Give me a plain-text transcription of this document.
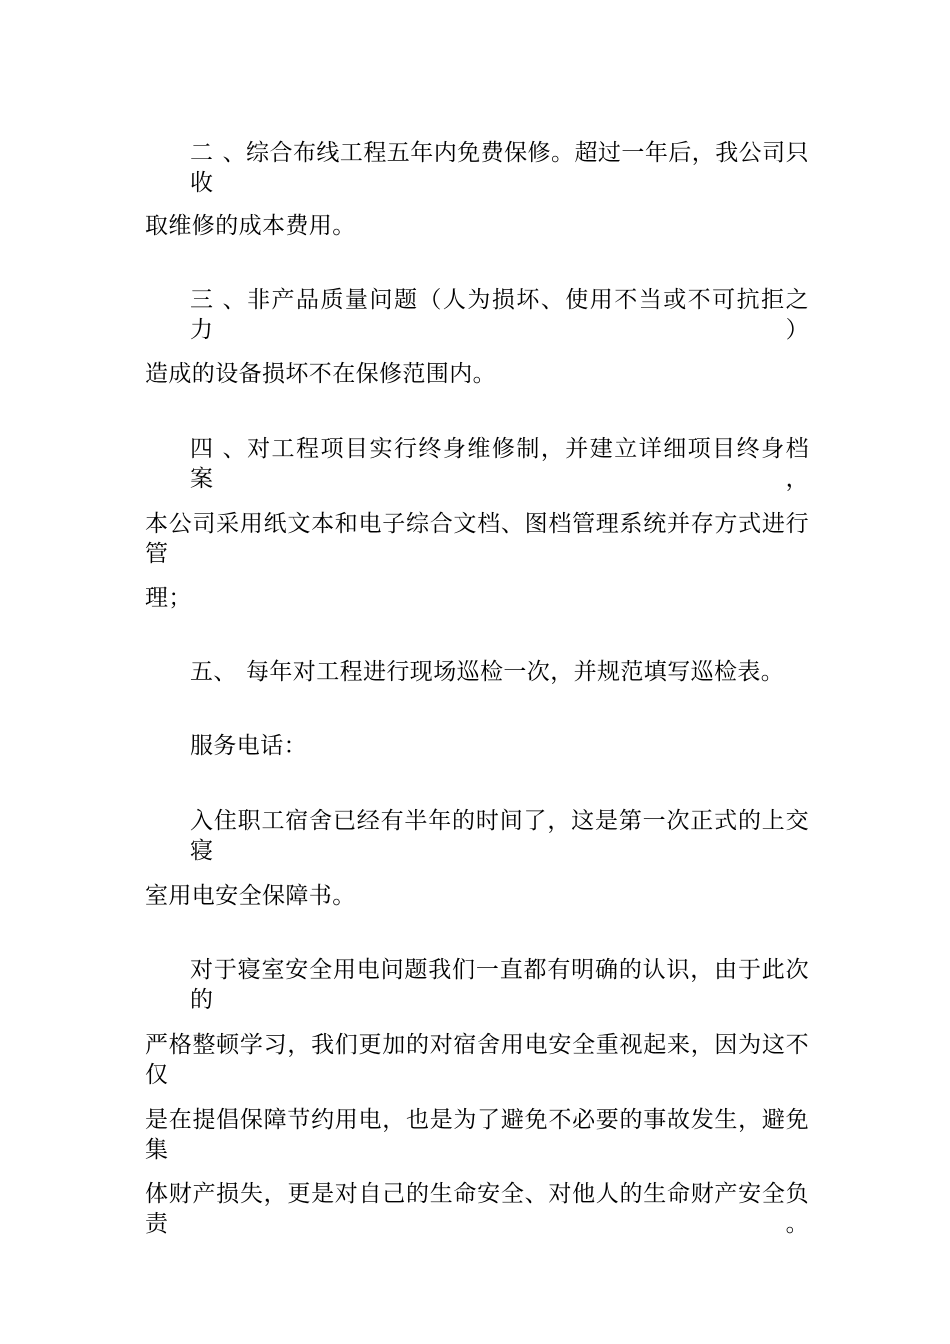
二、综合布线工程五年内免费保修。超过一年后，我公司只收
取维修的成本费用。
三、非产品质量问题（人为损坏、使用不当或不可抗拒之力）
造成的设备损坏不在保修范围内。
四、对工程项目实行终身维修制，并建立详细项目终身档案，
本公司采用纸文本和电子综合文档、图档管理系统并存方式进行管
理；
五、 每年对工程进行现场巡检一次，并规范填写巡检表。
服务电话：
入住职工宿舍已经有半年的时间了，这是第一次正式的上交寝
室用电安全保障书。
对于寝室安全用电问题我们一直都有明确的认识，由于此次的
严格整顿学习，我们更加的对宿舍用电安全重视起来，因为这不仅
是在提倡保障节约用电，也是为了避免不必要的事故发生，避免集
体财产损失，更是对自己的生命安全、对他人的生命财产安全负责。
